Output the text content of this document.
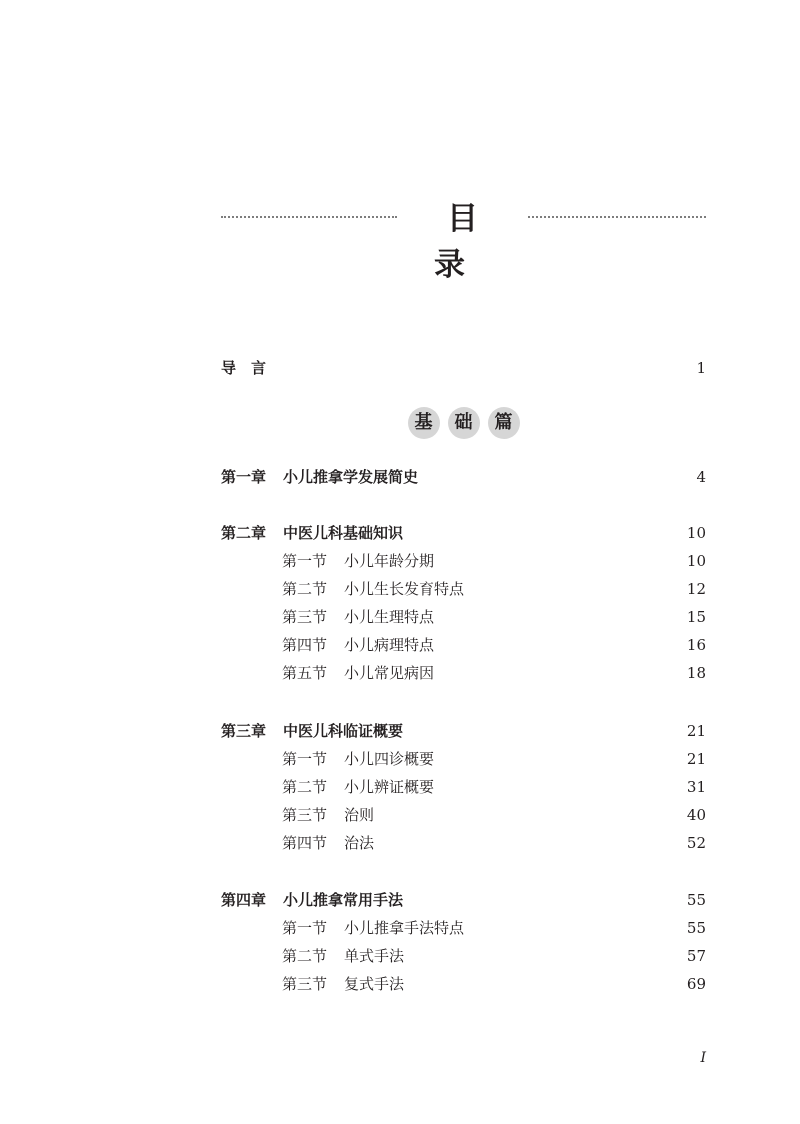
目录
导言	1
基	础	篇
第一章 小儿推拿学发展简史	4
第二章 中医儿科基础知识	10
第一节 小儿年龄分期	10
第二节 小儿生长发育特点	12
第三节 小儿生理特点	15
第四节 小儿病理特点	16
第五节 小儿常见病因	18
第三章 中医儿科临证概要	21
第一节 小儿四诊概要	21
第二节 小儿辨证概要	31
第三节 治则	40
第四节 治法	52
第四章 小儿推拿常用手法	55
第一节 小儿推拿手法特点	55
第二节 单式手法	57
第三节 复式手法	69
I
